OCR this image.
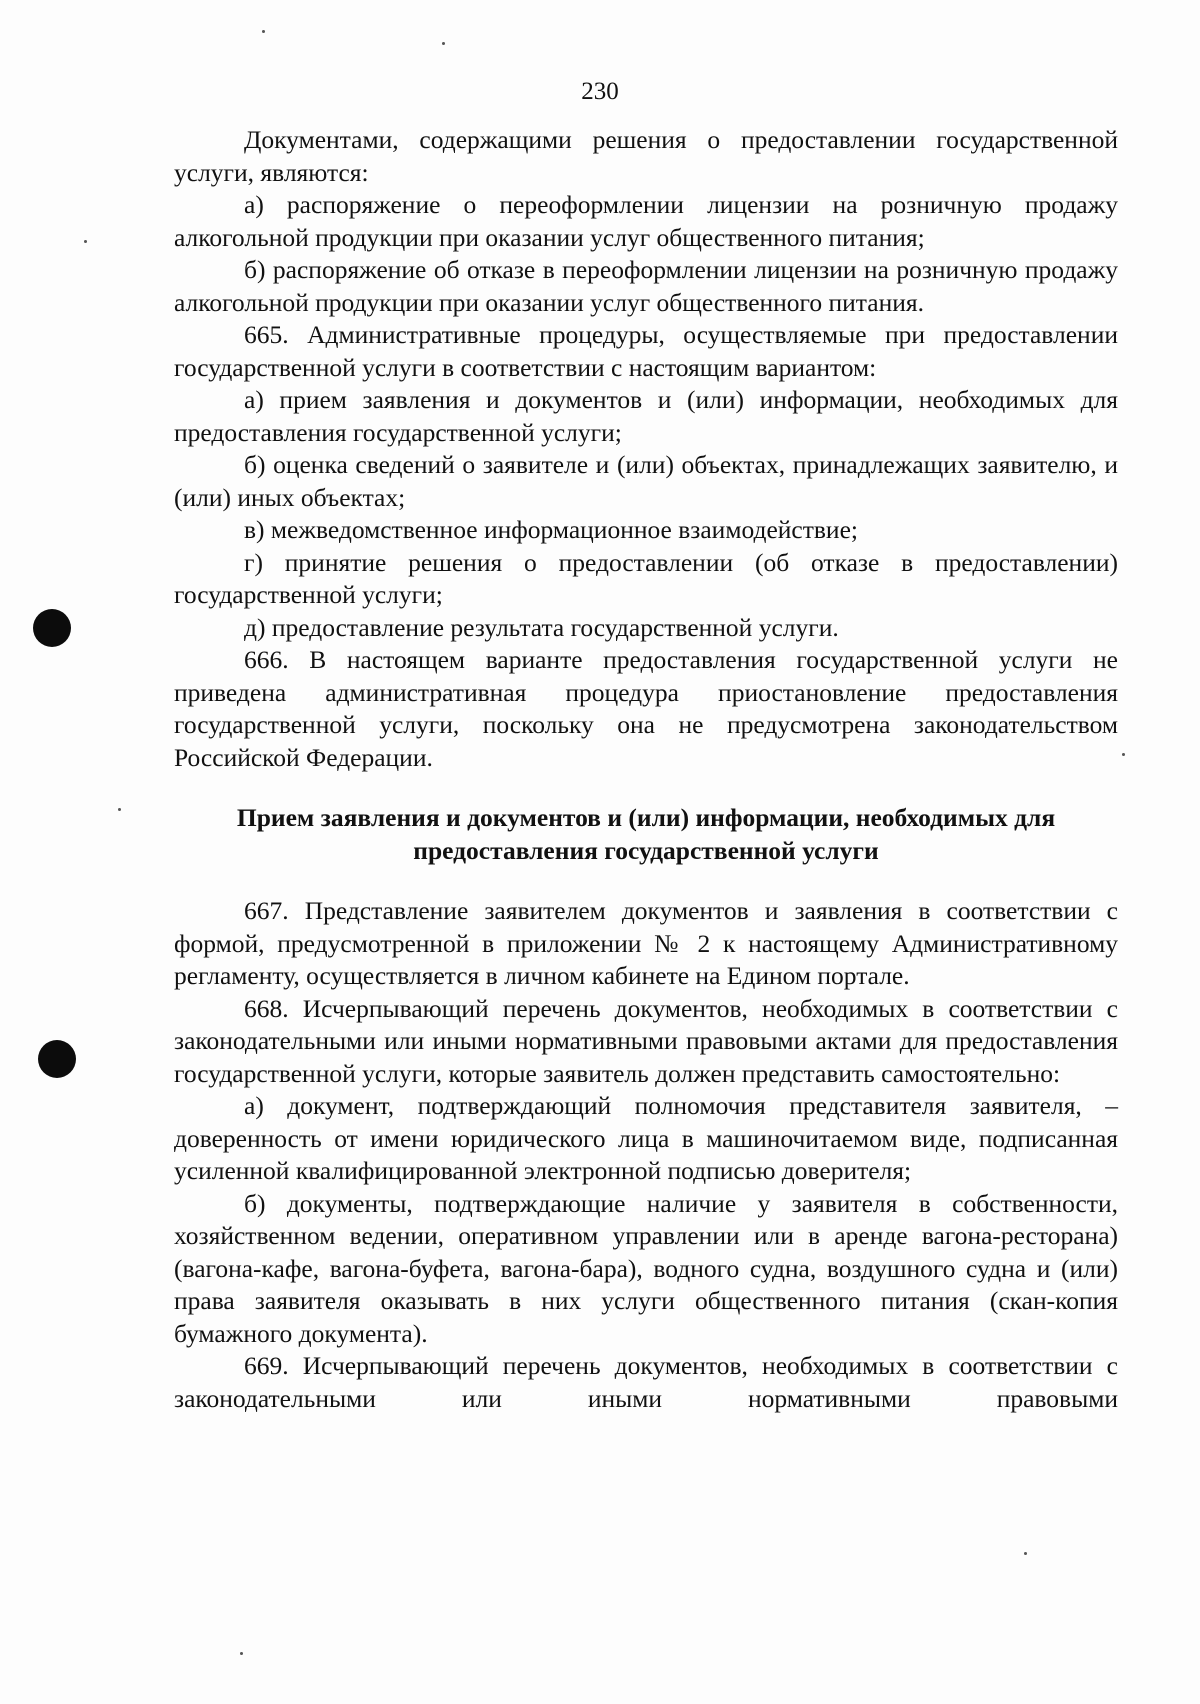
230

Документами, содержащими решения о предоставлении государственной услуги, являются:

а) распоряжение о переоформлении лицензии на розничную продажу алкогольной продукции при оказании услуг общественного питания;

б) распоряжение об отказе в переоформлении лицензии на розничную продажу алкогольной продукции при оказании услуг общественного питания.

665. Административные процедуры, осуществляемые при предоставлении государственной услуги в соответствии с настоящим вариантом:

а) прием заявления и документов и (или) информации, необходимых для предоставления государственной услуги;

б) оценка сведений о заявителе и (или) объектах, принадлежащих заявителю, и (или) иных объектах;

в) межведомственное информационное взаимодействие;

г) принятие решения о предоставлении (об отказе в предоставлении) государственной услуги;

д) предоставление результата государственной услуги.

666. В настоящем варианте предоставления государственной услуги не приведена административная процедура приостановление предоставления государственной услуги, поскольку она не предусмотрена законодательством Российской Федерации.

Прием заявления и документов и (или) информации, необходимых для
предоставления государственной услуги

667. Представление заявителем документов и заявления в соответствии с формой, предусмотренной в приложении № 2 к настоящему Административному регламенту, осуществляется в личном кабинете на Едином портале.

668. Исчерпывающий перечень документов, необходимых в соответствии с законодательными или иными нормативными правовыми актами для предоставления государственной услуги, которые заявитель должен представить самостоятельно:

а) документ, подтверждающий полномочия представителя заявителя, – доверенность от имени юридического лица в машиночитаемом виде, подписанная усиленной квалифицированной электронной подписью доверителя;

б) документы, подтверждающие наличие у заявителя в собственности, хозяйственном ведении, оперативном управлении или в аренде вагона-ресторана) (вагона-кафе, вагона-буфета, вагона-бара), водного судна, воздушного судна и (или) права заявителя оказывать в них услуги общественного питания (скан-копия бумажного документа).

669. Исчерпывающий перечень документов, необходимых в соответствии с законодательными или иными нормативными правовыми
